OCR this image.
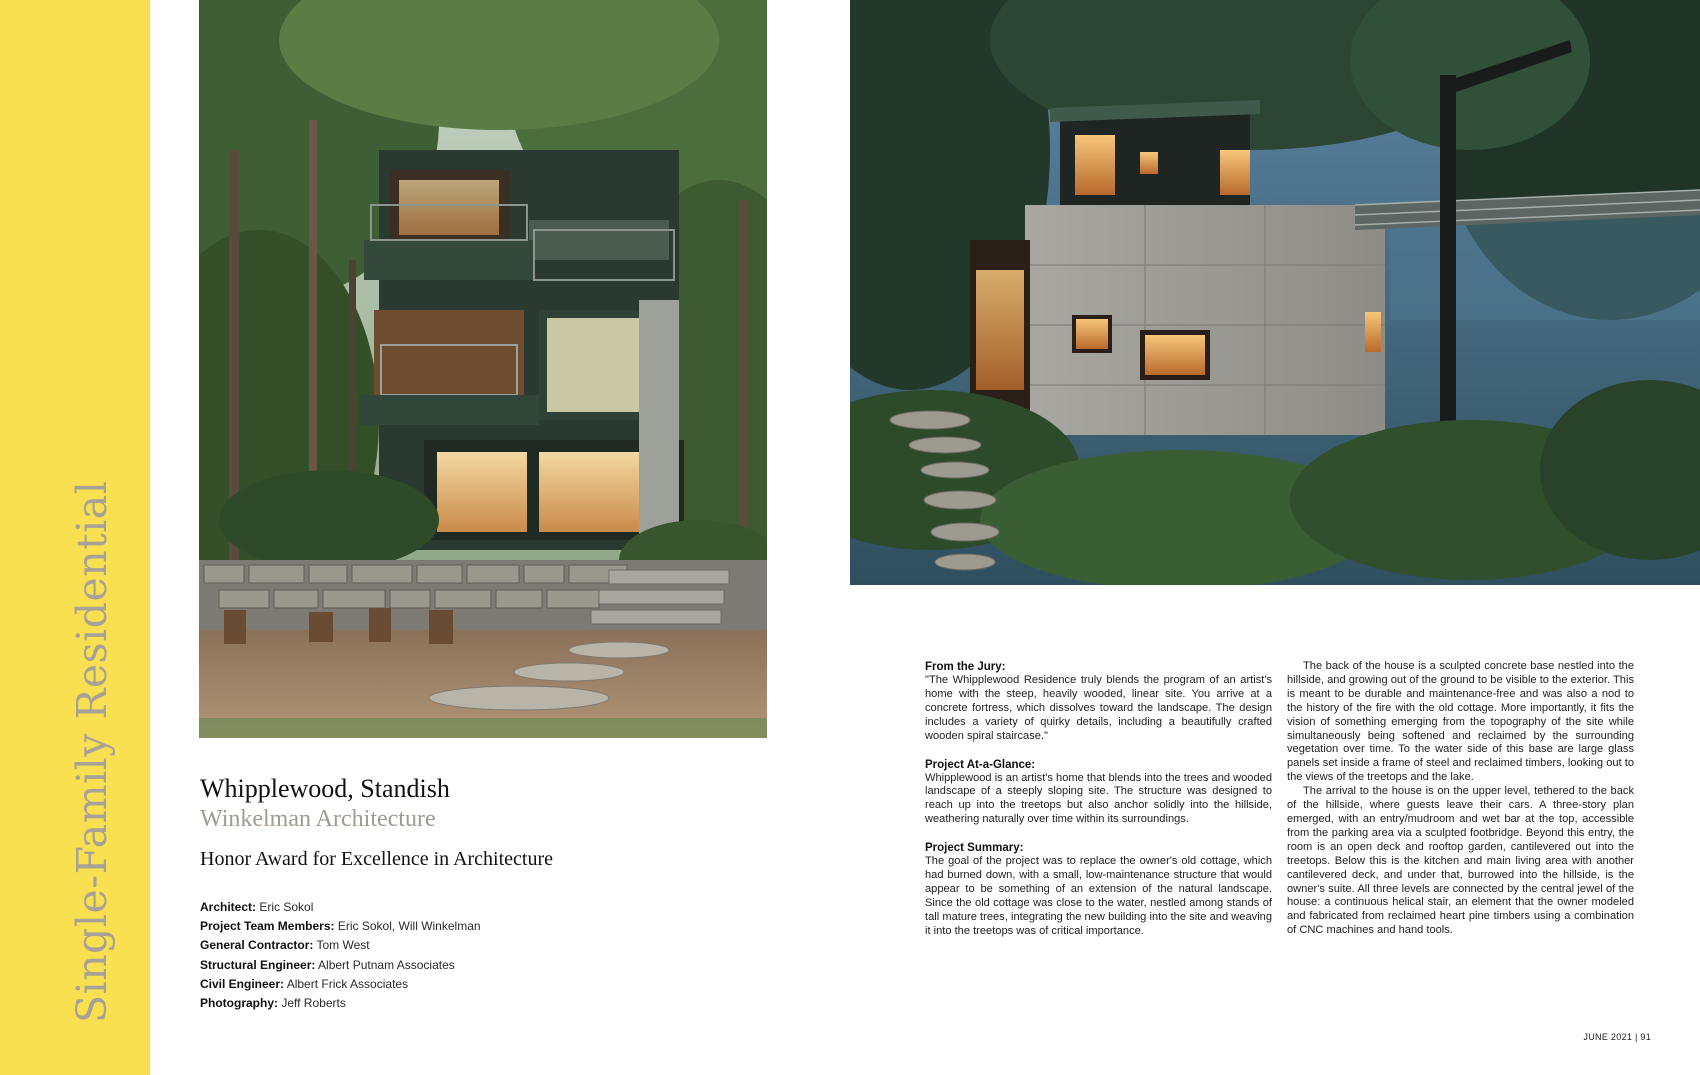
Single-Family Residential	Whipplewood, Standish
Winkelman Architecture
Honor Award for Excellence in Architecture
Architect: Eric Sokol
Project Team Members: Eric Sokol, Will Winkelman
General Contractor: Tom West
Structural Engineer: Albert Putnam Associates
Civil Engineer: Albert Frick Associates
Photography: Jeff Roberts
From the Jury:

"The Whipplewood Residence truly blends the program of an artist's home with the steep, heavily wooded, linear site. You arrive at a concrete fortress, which dissolves toward the landscape. The design includes a variety of quirky details, including a beautifully crafted wooden spiral staircase."

Project At-a-Glance:

Whipplewood is an artist's home that blends into the trees and wooded landscape of a steeply sloping site. The structure was designed to reach up into the treetops but also anchor solidly into the hillside, weathering naturally over time within its surroundings.

Project Summary:

The goal of the project was to replace the owner's old cottage, which had burned down, with a small, low-maintenance structure that would appear to be something of an extension of the natural landscape. Since the old cottage was close to the water, nestled among stands of tall mature trees, integrating the new building into the site and weaving it into the treetops was of critical importance.

The back of the house is a sculpted concrete base nestled into the hillside, and growing out of the ground to be visible to the exterior. This is meant to be durable and maintenance-free and was also a nod to the history of the fire with the old cottage. More importantly, it fits the vision of something emerging from the topography of the site while simultaneously being softened and reclaimed by the surrounding vegetation over time. To the water side of this base are large glass panels set inside a frame of steel and reclaimed timbers, looking out to the views of the treetops and the lake.

The arrival to the house is on the upper level, tethered to the back of the hillside, where guests leave their cars. A three-story plan emerged, with an entry/mudroom and wet bar at the top, accessible from the parking area via a sculpted footbridge. Beyond this entry, the room is an open deck and rooftop garden, cantilevered out into the treetops. Below this is the kitchen and main living area with another cantilevered deck, and under that, burrowed into the hillside, is the owner's suite. All three levels are connected by the central jewel of the house: a continuous helical stair, an element that the owner modeled and fabricated from reclaimed heart pine timbers using a combination of CNC machines and hand tools.

JUNE 2021 | 91
